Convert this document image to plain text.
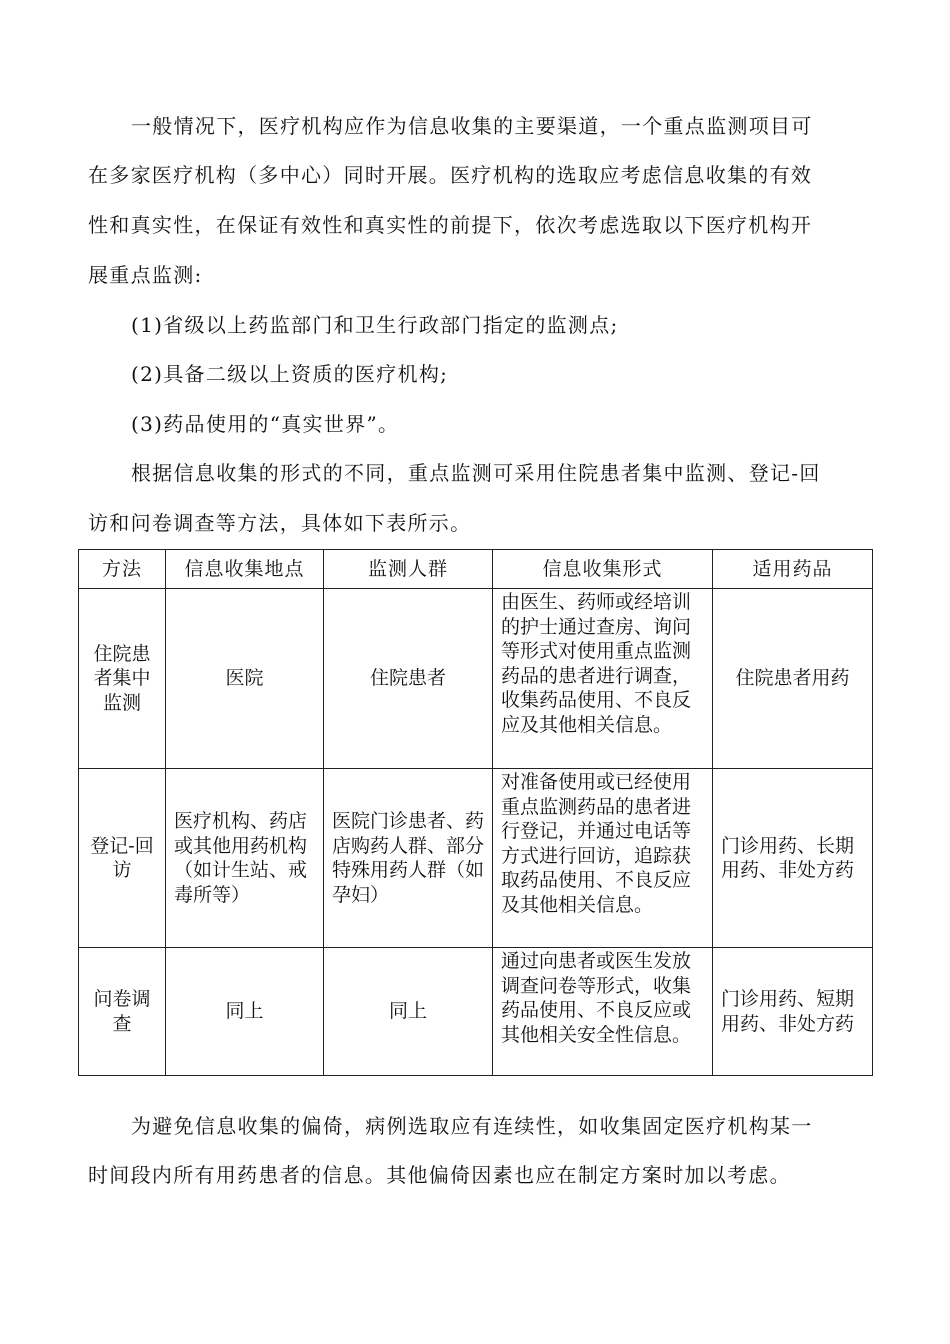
一般情况下，医疗机构应作为信息收集的主要渠道，一个重点监测项目可
在多家医疗机构（多中心）同时开展。医疗机构的选取应考虑信息收集的有效
性和真实性，在保证有效性和真实性的前提下，依次考虑选取以下医疗机构开
展重点监测:
(1)省级以上药监部门和卫生行政部门指定的监测点;
(2)具备二级以上资质的医疗机构;
(3)药品使用的“真实世界”。
根据信息收集的形式的不同，重点监测可采用住院患者集中监测、登记-回
访和问卷调查等方法，具体如下表所示。
方法	信息收集地点	监测人群	信息收集形式	适用药品
住院患者集中监测	医院	住院患者	由医生、药师或经培训的护士通过查房、询问等形式对使用重点监测药品的患者进行调查，收集药品使用、不良反应及其他相关信息。	住院患者用药
登记-回访	医疗机构、药店或其他用药机构（如计生站、戒毒所等）	医院门诊患者、药店购药人群、部分特殊用药人群（如孕妇）	对准备使用或已经使用重点监测药品的患者进行登记，并通过电话等方式进行回访，追踪获取药品使用、不良反应及其他相关信息。	门诊用药、长期用药、非处方药
问卷调查	同上	同上	通过向患者或医生发放调查问卷等形式，收集药品使用、不良反应或其他相关安全性信息。	门诊用药、短期用药、非处方药
为避免信息收集的偏倚，病例选取应有连续性，如收集固定医疗机构某一
时间段内所有用药患者的信息。其他偏倚因素也应在制定方案时加以考虑。
